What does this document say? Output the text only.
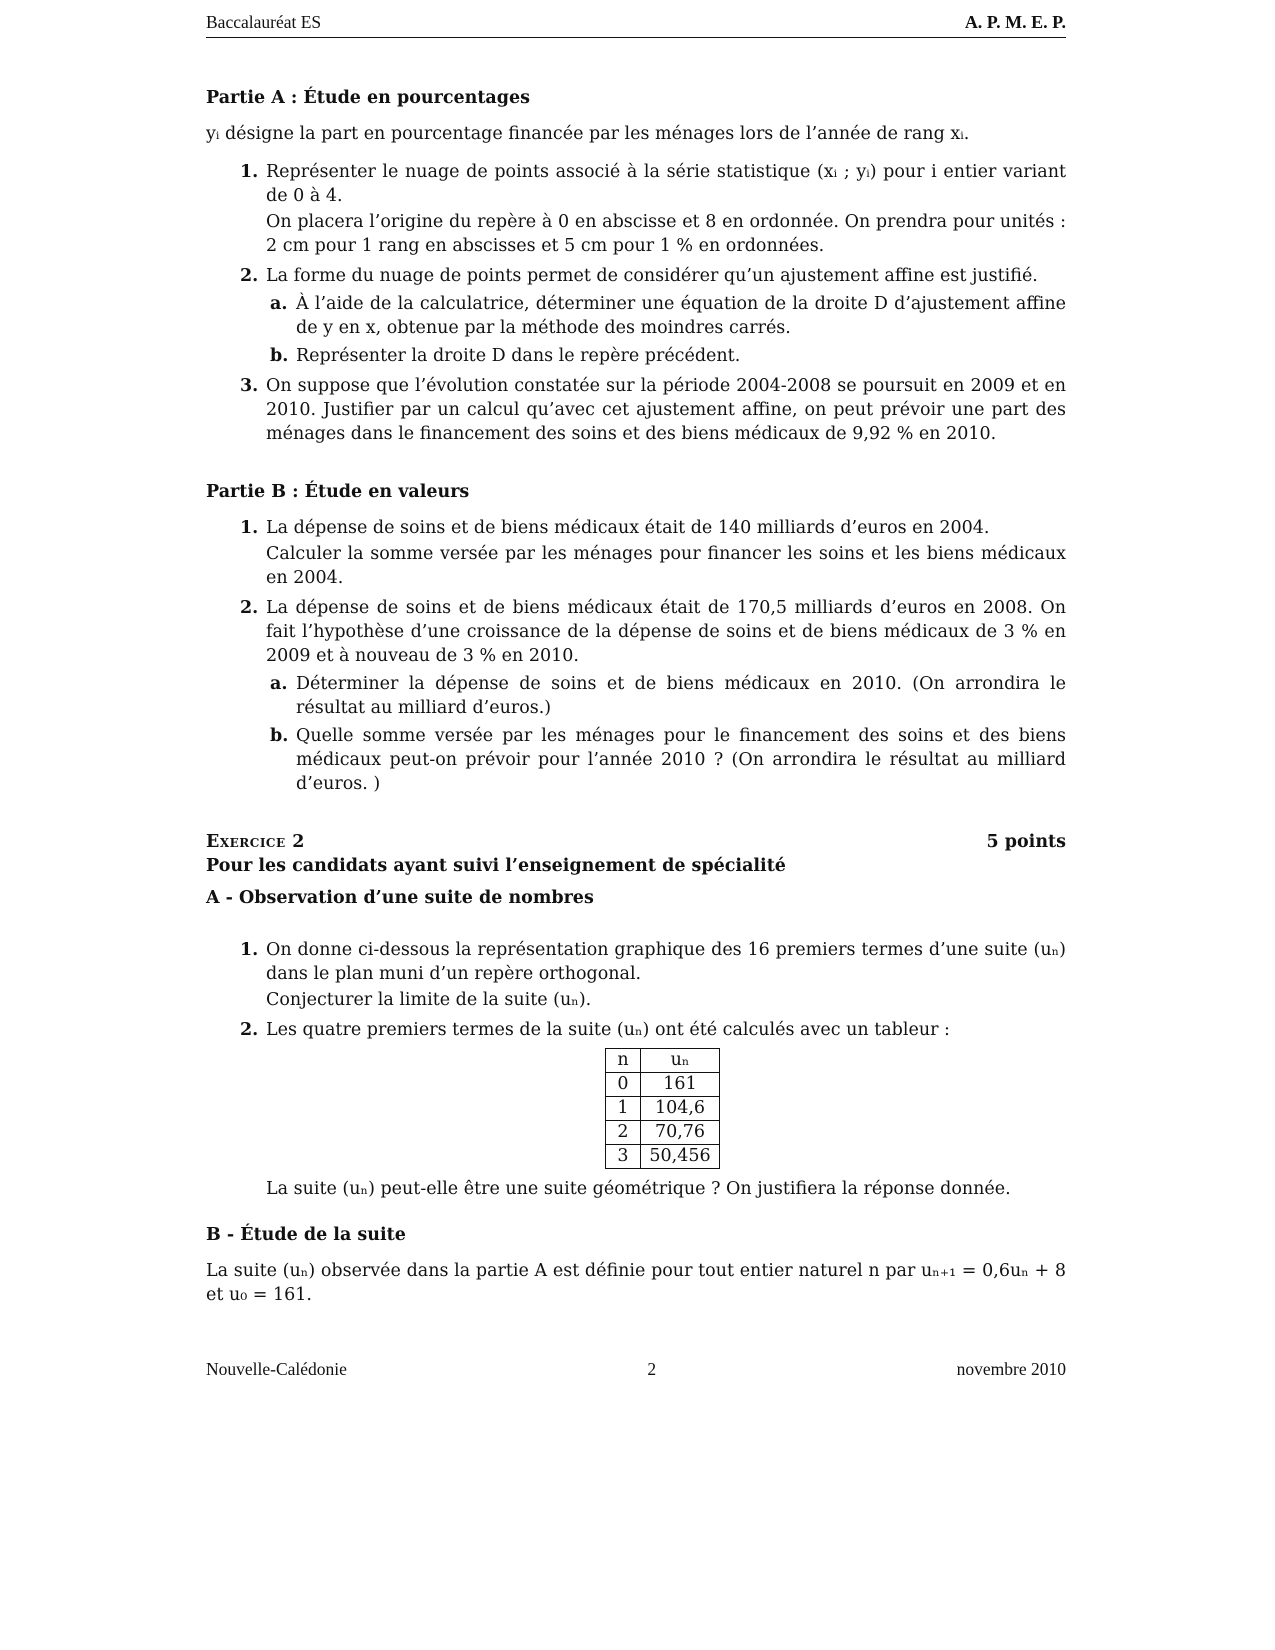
Baccalauréat ES	A. P. M. E. P.

Partie A : Étude en pourcentages

yᵢ désigne la part en pourcentage financée par les ménages lors de l’année de rang xᵢ.

1. Représenter le nuage de points associé à la série statistique (xᵢ ; yᵢ) pour i entier variant de 0 à 4.

On placera l’origine du repère à 0 en abscisse et 8 en ordonnée. On prendra pour unités : 2 cm pour 1 rang en abscisses et 5 cm pour 1 % en ordonnées.

2. La forme du nuage de points permet de considérer qu’un ajustement affine est justifié.

a. À l’aide de la calculatrice, déterminer une équation de la droite D d’ajustement affine de y en x, obtenue par la méthode des moindres carrés.
b. Représenter la droite D dans le repère précédent.
3. On suppose que l’évolution constatée sur la période 2004-2008 se poursuit en 2009 et en 2010. Justifier par un calcul qu’avec cet ajustement affine, on peut prévoir une part des ménages dans le financement des soins et des biens médicaux de 9,92 % en 2010.

Partie B : Étude en valeurs

1. La dépense de soins et de biens médicaux était de 140 milliards d’euros en 2004.

Calculer la somme versée par les ménages pour financer les soins et les biens médicaux en 2004.

2. La dépense de soins et de biens médicaux était de 170,5 milliards d’euros en 2008. On fait l’hypothèse d’une croissance de la dépense de soins et de biens médicaux de 3 % en 2009 et à nouveau de 3 % en 2010.

a. Déterminer la dépense de soins et de biens médicaux en 2010. (On arrondira le résultat au milliard d’euros.)
b. Quelle somme versée par les ménages pour le financement des soins et des biens médicaux peut-on prévoir pour l’année 2010 ? (On arrondira le résultat au milliard d’euros. )
Exercice 2	5 points

Pour les candidats ayant suivi l’enseignement de spécialité

A - Observation d’une suite de nombres

1. On donne ci-dessous la représentation graphique des 16 premiers termes d’une suite (uₙ) dans le plan muni d’un repère orthogonal.

Conjecturer la limite de la suite (uₙ).

2. Les quatre premiers termes de la suite (uₙ) ont été calculés avec un tableur :

n	uₙ
0	161
1	104,6
2	70,76
3	50,456

La suite (uₙ) peut-elle être une suite géométrique ? On justifiera la réponse donnée.

B - Étude de la suite

La suite (uₙ) observée dans la partie A est définie pour tout entier naturel n par uₙ₊₁ = 0,6uₙ + 8 et u₀ = 161.

Nouvelle-Calédonie	2	novembre 2010
